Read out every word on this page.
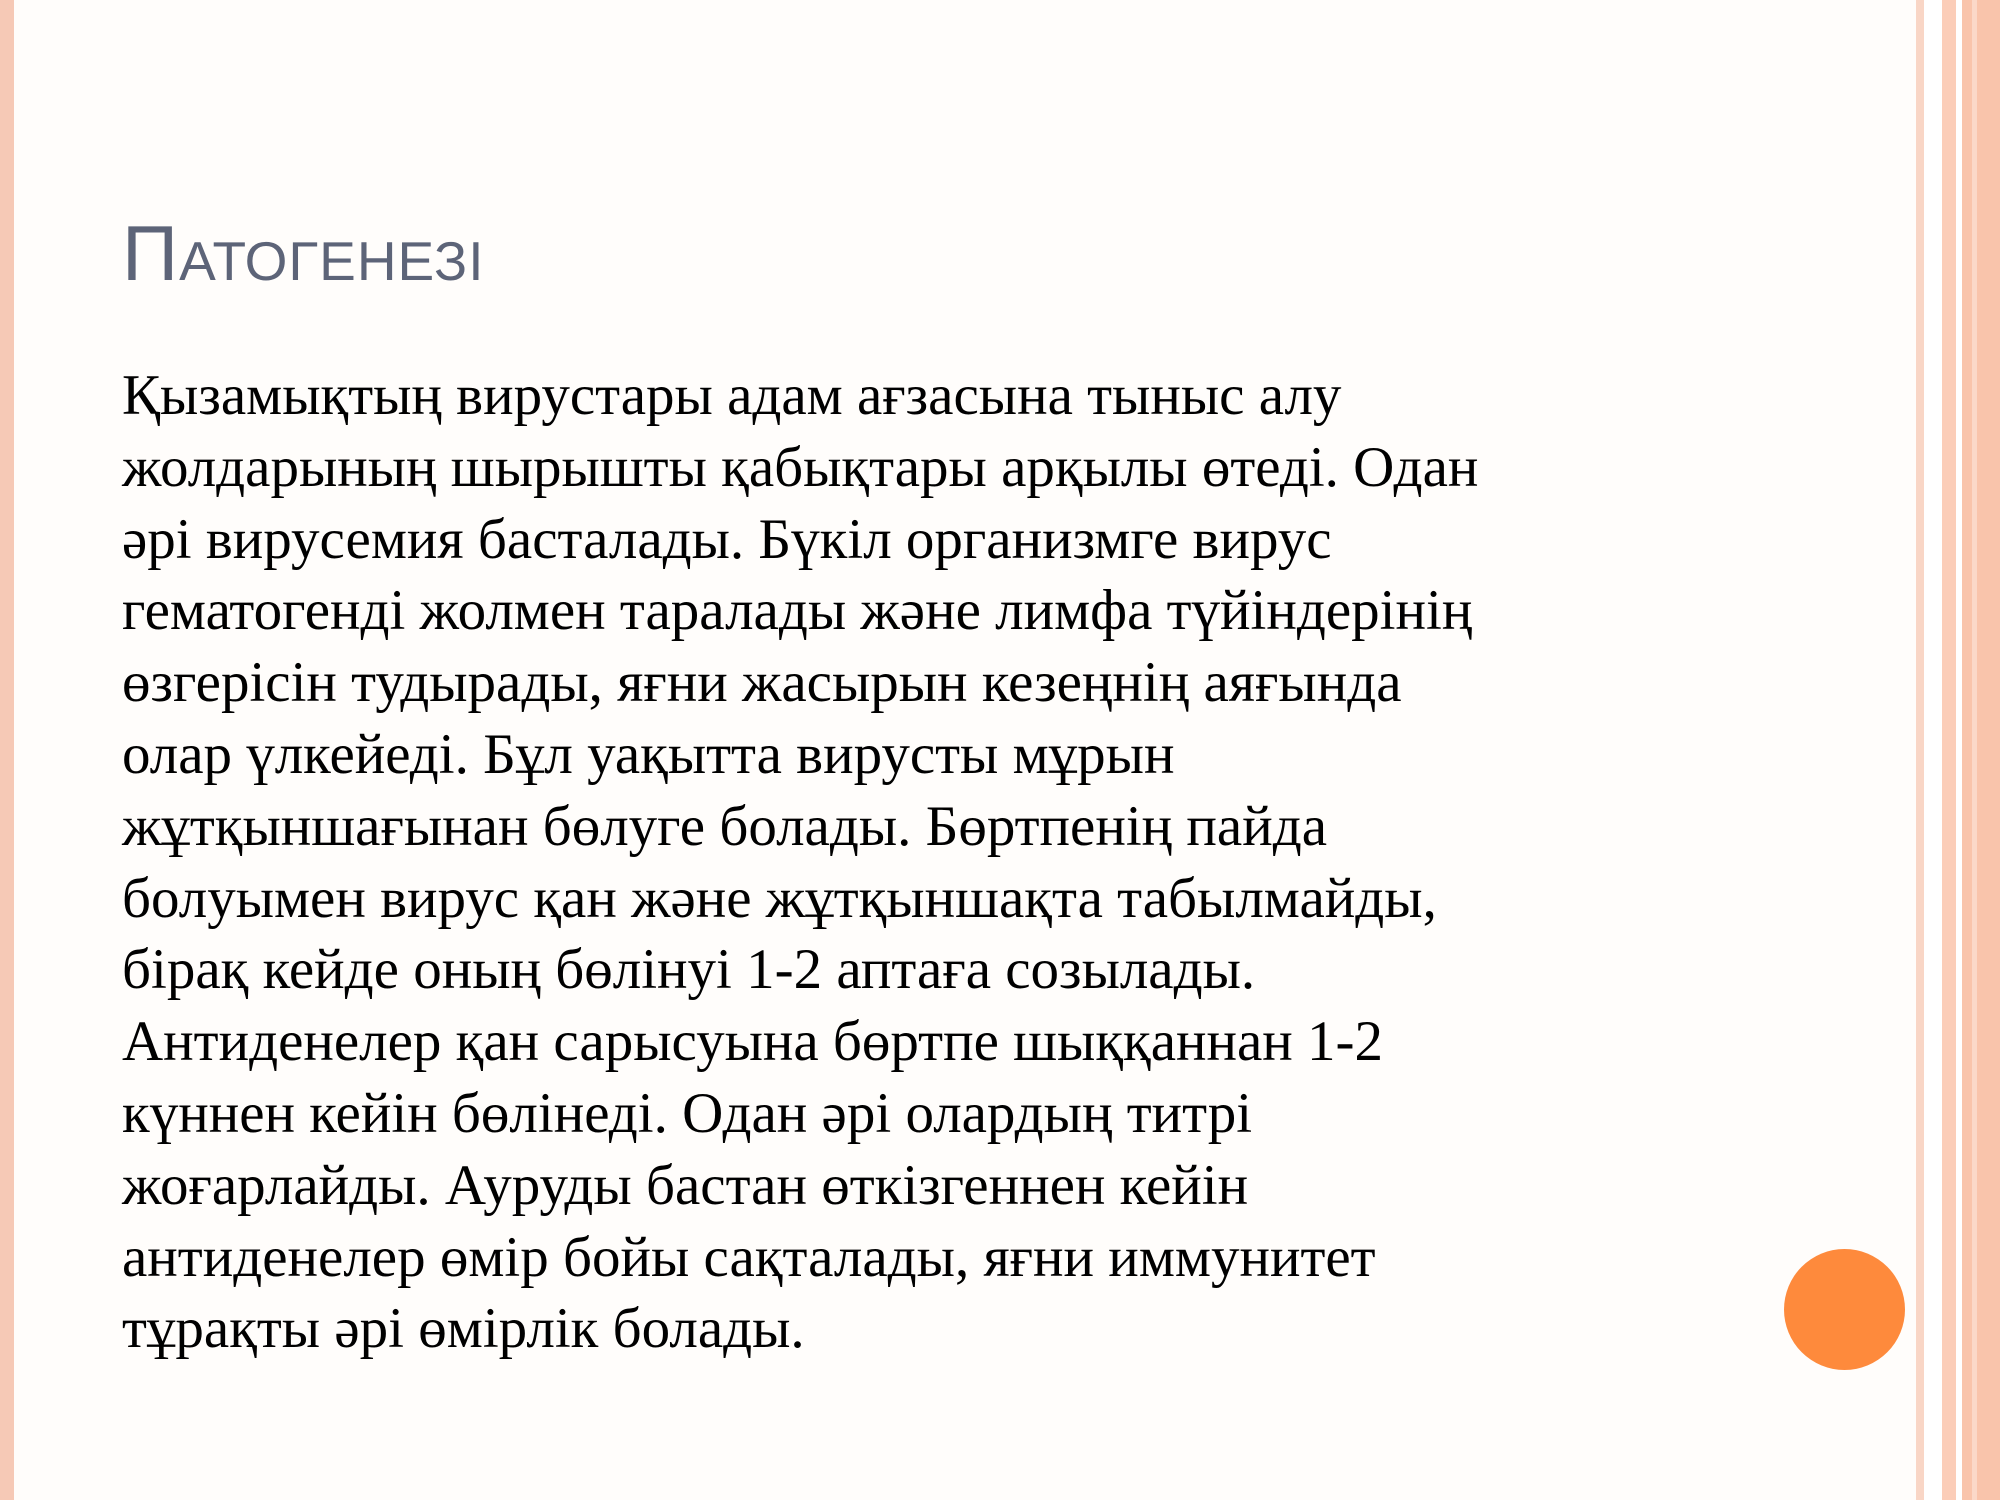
Патогенезі
Қызамықтың вирустары адам ағзасына тыныс алу
жолдарының шырышты қабықтары арқылы өтеді. Одан
әрі вирусемия басталады. Бүкіл организмге вирус
гематогенді жолмен таралады және лимфа түйіндерінің
өзгерісін тудырады, яғни жасырын кезеңнің аяғында
олар үлкейеді. Бұл уақытта вирусты мұрын
жұтқыншағынан бөлуге болады. Бөртпенің пайда
болуымен вирус қан және жұтқыншақта табылмайды,
бірақ кейде оның бөлінуі 1-2 аптаға созылады.
Антиденелер қан сарысуына бөртпе шыққаннан 1-2
күннен кейін бөлінеді. Одан әрі олардың титрі
жоғарлайды. Ауруды бастан өткізгеннен кейін
антиденелер өмір бойы сақталады, яғни иммунитет
тұрақты әрі өмірлік болады.
